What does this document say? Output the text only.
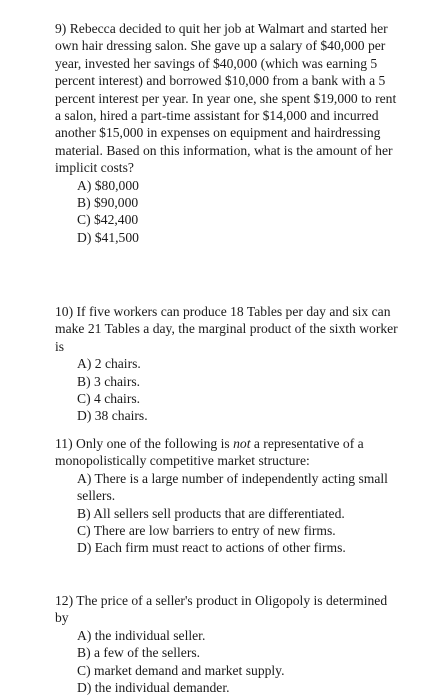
9) Rebecca decided to quit her job at Walmart and started her own hair dressing salon. She gave up a salary of $40,000 per year, invested her savings of $40,000 (which was earning 5 percent interest) and borrowed $10,000 from a bank with a 5 percent interest per year. In year one, she spent $19,000 to rent a salon, hired a part-time assistant for $14,000 and incurred another $15,000 in expenses on equipment and hairdressing material. Based on this information, what is the amount of her implicit costs?

A) $80,000
B) $90,000
C) $42,400
D) $41,500

10) If five workers can produce 18 Tables per day and six can make 21 Tables a day, the marginal product of the sixth worker is

A) 2 chairs.
B) 3 chairs.
C) 4 chairs.
D) 38 chairs.

11) Only one of the following is not a representative of a monopolistically competitive market structure:

A) There is a large number of independently acting small sellers.
B) All sellers sell products that are differentiated.
C) There are low barriers to entry of new firms.
D) Each firm must react to actions of other firms.

12) The price of a seller's product in Oligopoly is determined by

A) the individual seller.
B) a few of the sellers.
C) market demand and market supply.
D) the individual demander.
